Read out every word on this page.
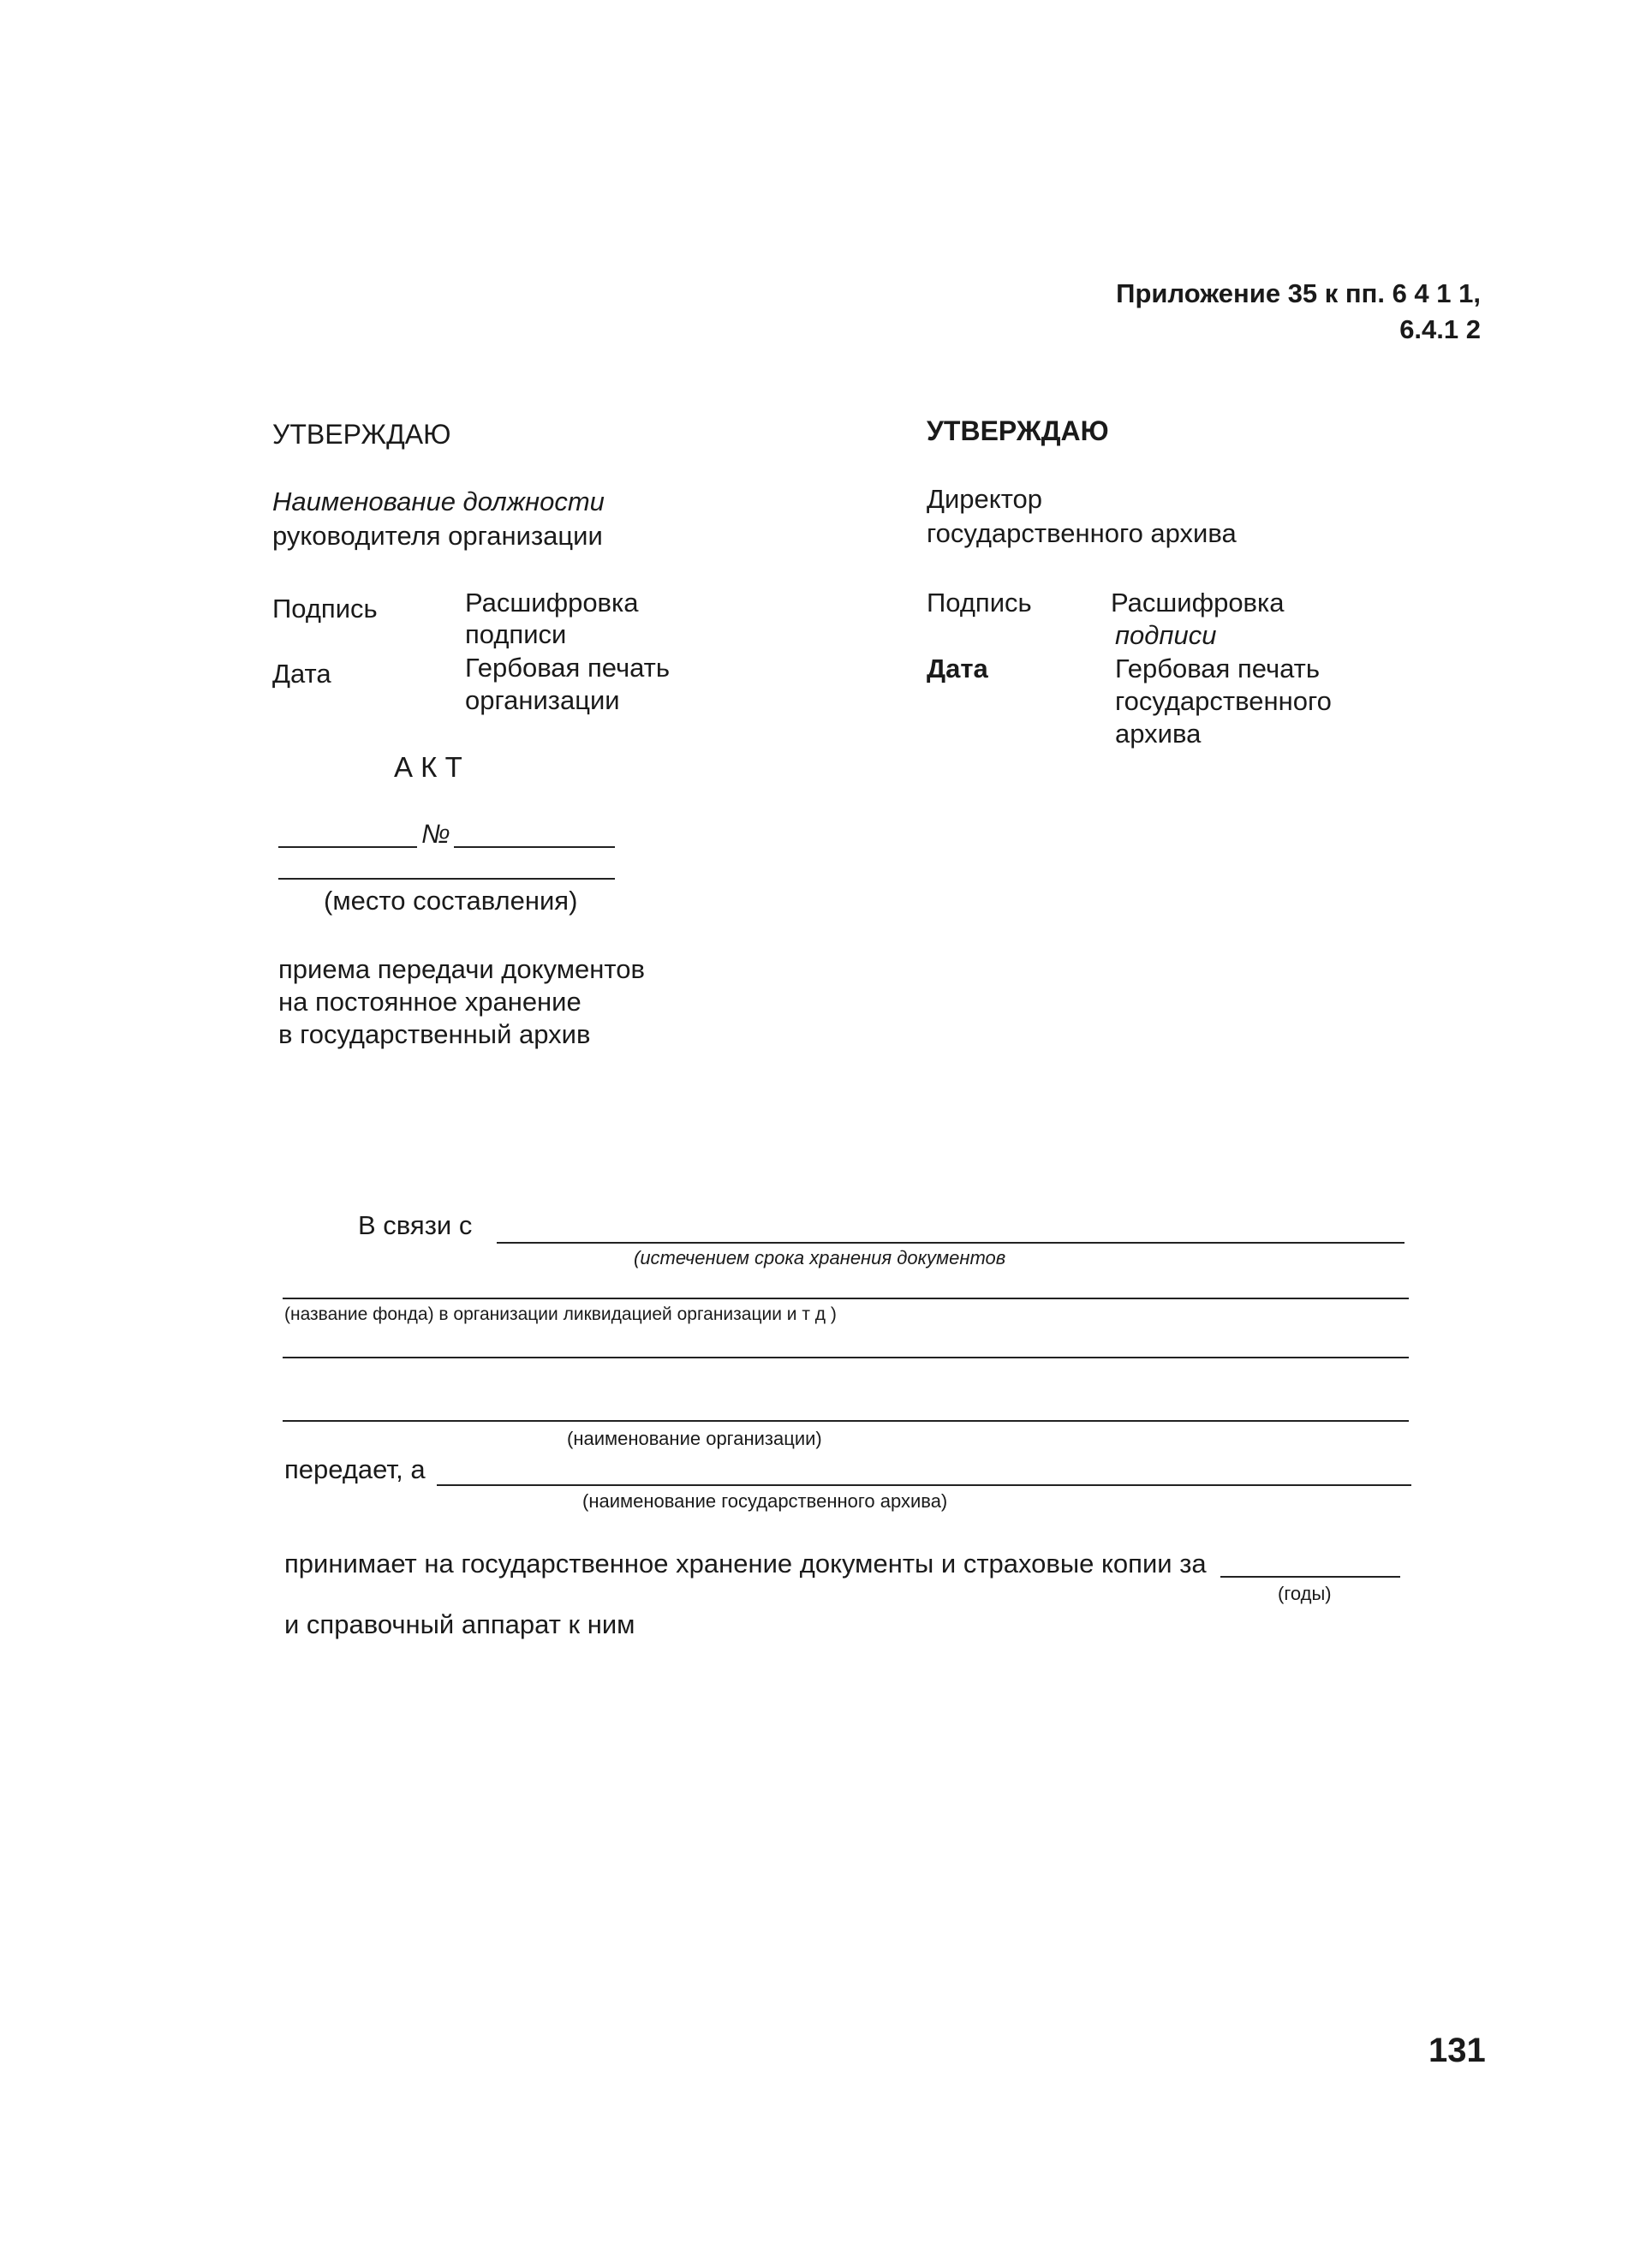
Приложение 35 к пп. 6 4 1 1,
6.4.1 2
УТВЕРЖДАЮ
Наименование должности
руководителя организации
Подпись	Расшифровка
подписи
Дата	Гербовая печать
организации
УТВЕРЖДАЮ
Директор
государственного архива
Подпись	Расшифровка
подписи
Дата	Гербовая печать
государственного
архива
А К Т
№
(место составления)
приема передачи документов
на постоянное хранение
в государственный архив
В связи с
(истечением срока хранения документов
(название фонда) в организации ликвидацией организации и т д )
(наименование организации)
передает, а
(наименование государственного архива)
принимает на государственное хранение документы и страховые копии за
(годы)
и справочный аппарат к ним
131
